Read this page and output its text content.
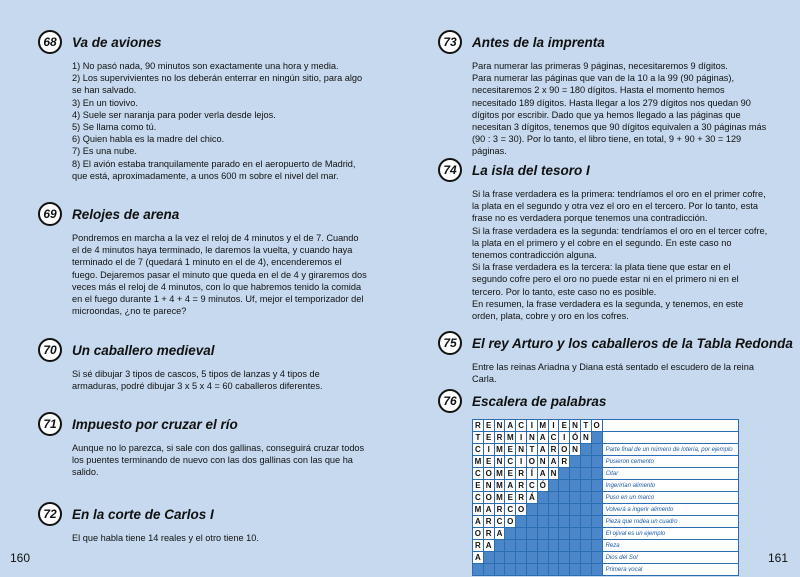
68	Va de aviones

1) No pasó nada, 90 minutos son exactamente una hora y media.

2) Los supervivientes no los deberán enterrar en ningún sitio, para algo se han salvado.

3) En un tiovivo.

4) Suele ser naranja para poder verla desde lejos.

5) Se llama como tú.

6) Quien habla es la madre del chico.

7) Es una nube.

8) El avión estaba tranquilamente parado en el aeropuerto de Madrid, que está, aproximadamente, a unos 600 m sobre el nivel del mar.

69	Relojes de arena

Pondremos en marcha a la vez el reloj de 4 minutos y el de 7. Cuando el de 4 minutos haya terminado, le daremos la vuelta, y cuando haya terminado el de 7 (quedará 1 minuto en el de 4), encenderemos el fuego. Dejaremos pasar el minuto que queda en el de 4 y giraremos dos veces más el reloj de 4 minutos, con lo que habremos tenido la comida en el fuego durante 1 + 4 + 4 = 9 minutos. Uf, mejor el temporizador del microondas, ¿no te parece?

70	Un caballero medieval

Si sé dibujar 3 tipos de cascos, 5 tipos de lanzas y 4 tipos de armaduras, podré dibujar 3 x 5 x 4 = 60 caballeros diferentes.

71	Impuesto por cruzar el río

Aunque no lo parezca, si sale con dos gallinas, conseguirá cruzar todos los puentes terminando de nuevo con las dos gallinas con las que ha salido.

72	En la corte de Carlos I

El que habla tiene 14 reales y el otro tiene 10.

73	Antes de la imprenta

Para numerar las primeras 9 páginas, necesitaremos 9 dígitos.

Para numerar las páginas que van de la 10 a la 99 (90 páginas), necesitaremos 2 x 90 = 180 dígitos. Hasta el momento hemos necesitado 189 dígitos. Hasta llegar a los 279 dígitos nos quedan 90 dígitos por escribir. Dado que ya hemos llegado a las páginas que necesitan 3 dígitos, tenemos que 90 dígitos equivalen a 30 páginas más (90 : 3 = 30). Por lo tanto, el libro tiene, en total, 9 + 90 + 30 = 129 páginas.

74	La isla del tesoro I

Si la frase verdadera es la primera: tendríamos el oro en el primer cofre, la plata en el segundo y otra vez el oro en el tercero. Por lo tanto, esta frase no es verdadera porque tenemos una contradicción.

Si la frase verdadera es la segunda: tendríamos el oro en el tercer cofre, la plata en el primero y el cobre en el segundo. En este caso no tenemos contradicción alguna.

Si la frase verdadera es la tercera: la plata tiene que estar en el segundo cofre pero el oro no puede estar ni en el primero ni en el tercero. Por lo tanto, este caso no es posible.

En resumen, la frase verdadera es la segunda, y tenemos, en este orden, plata, cobre y oro en los cofres.

75	El rey Arturo y los caballeros de la Tabla Redonda

Entre las reinas Ariadna y Diana está sentado el escudero de la reina Carla.

76	Escalera de palabras
R	E	N	A	C	I	M	I	E	N	T	O	
T	E	R	M	I	N	A	C	I	Ó	N		
C	I	M	E	N	T	A	R	O	N			Parte final de un número de lotería, por ejemplo
M	E	N	C	I	O	N	A	R				Pusieron cemento
C	O	M	E	R	Í	A	N					Citar
E	N	M	A	R	C	Ó						Ingerirían alimento
C	O	M	E	R	Á							Puso en un marco
M	A	R	C	O								Volverá a ingerir alimento
A	R	C	O									Pieza que rodea un cuadro
O	R	A										El ojival es un ejemplo
R	A											Reza
A												Dios del Sol
												Primera vocal
160	161
